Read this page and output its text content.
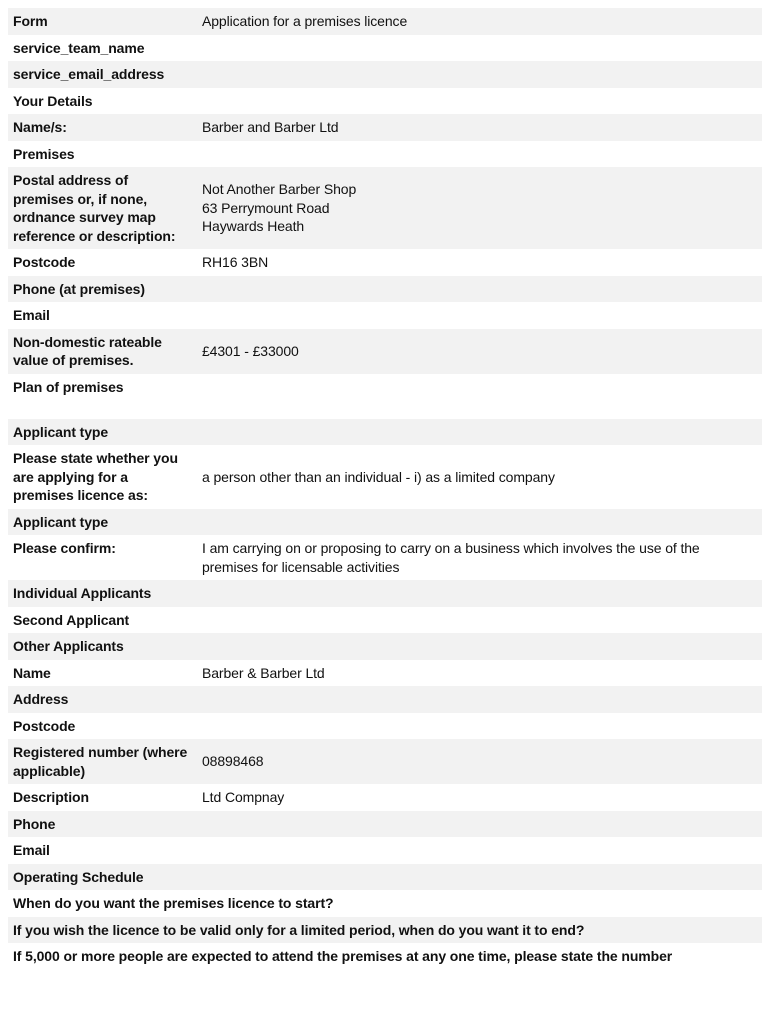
Form	Application for a premises licence
service_team_name	
service_email_address	
Your Details	
Name/s:	Barber and Barber Ltd
Premises	
Postal address of premises or, if none, ordnance survey map reference or description:	Not Another Barber Shop
63 Perrymount Road
Haywards Heath

Postcode	RH16 3BN
Phone (at premises)	
Email	
Non-domestic rateable value of premises.	£4301 - £33000
Plan of premises	
Applicant type	
Please state whether you are applying for a premises licence as:	a person other than an individual - i) as a limited company
Applicant type	
Please confirm:	I am carrying on or proposing to carry on a business which involves the use of the premises for licensable activities
Individual Applicants	
Second Applicant	
Other Applicants	
Name	Barber & Barber Ltd
Address	
Postcode	
Registered number (where applicable)	08898468
Description	Ltd Compnay
Phone	
Email	
Operating Schedule	
When do you want the premises licence to start?	
If you wish the licence to be valid only for a limited period, when do you want it to end?	
If 5,000 or more people are expected to attend the premises at any one time, please state the number	
